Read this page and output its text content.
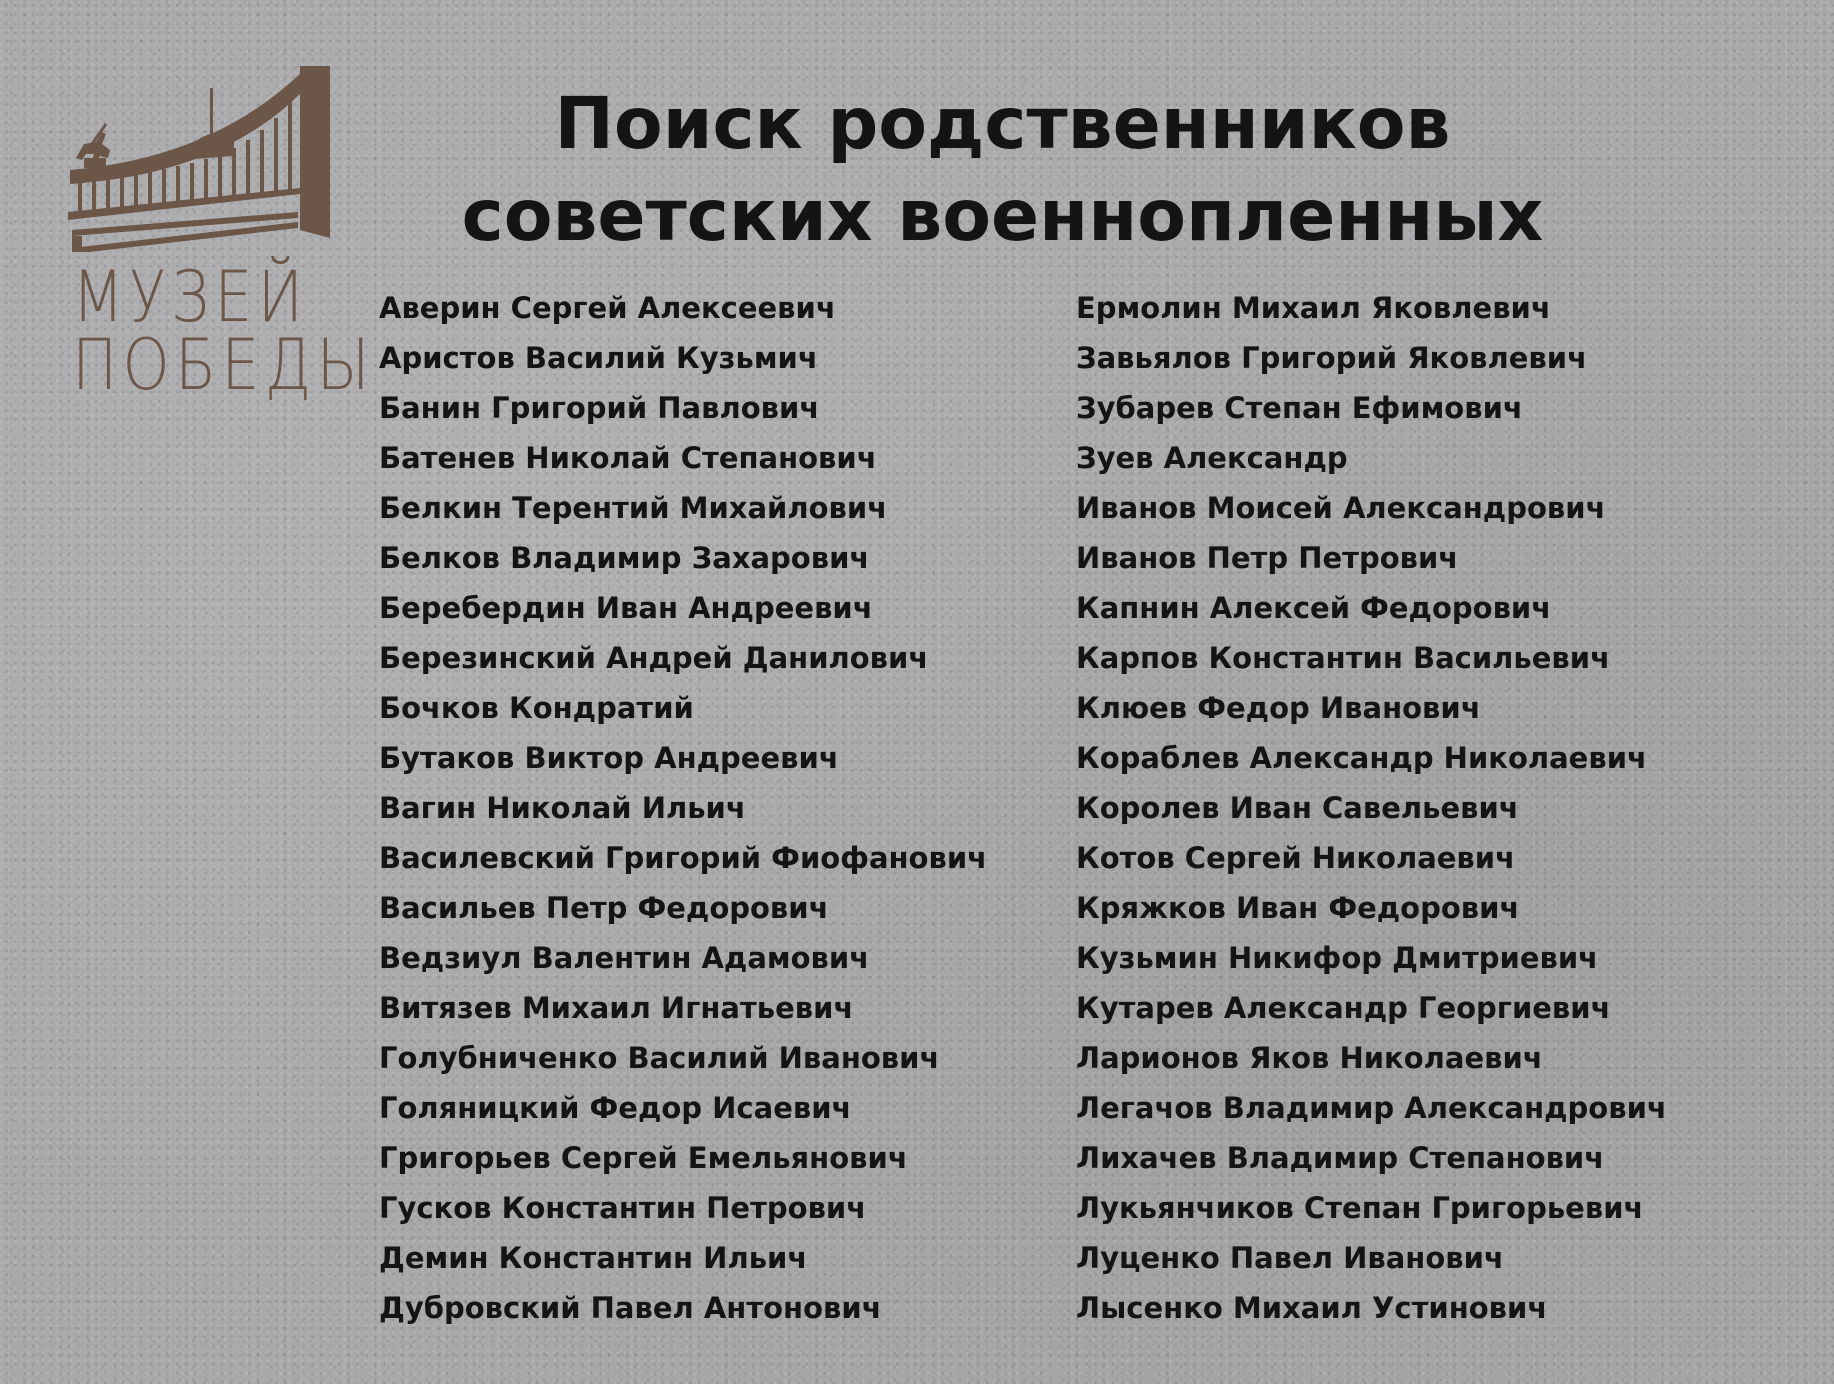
МУЗЕЙ
ПОБЕДЫ
Поиск родственников
советских военнопленных
Аверин Сергей Алексеевич
Аристов Василий Кузьмич
Банин Григорий Павлович
Батенев Николай Степанович
Белкин Терентий Михайлович
Белков Владимир Захарович
Беребердин Иван Андреевич
Березинский Андрей Данилович
Бочков Кондратий
Бутаков Виктор Андреевич
Вагин Николай Ильич
Василевский Григорий Фиофанович
Васильев Петр Федорович
Ведзиул Валентин Адамович
Витязев Михаил Игнатьевич
Голубниченко Василий Иванович
Голяницкий Федор Исаевич
Григорьев Сергей Емельянович
Гусков Константин Петрович
Демин Константин Ильич
Дубровский Павел Антонович
Ермолин Михаил Яковлевич
Завьялов Григорий Яковлевич
Зубарев Степан Ефимович
Зуев Александр
Иванов Моисей Александрович
Иванов Петр Петрович
Капнин Алексей Федорович
Карпов Константин Васильевич
Клюев Федор Иванович
Кораблев Александр Николаевич
Королев Иван Савельевич
Котов Сергей Николаевич
Кряжков Иван Федорович
Кузьмин Никифор Дмитриевич
Кутарев Александр Георгиевич
Ларионов Яков Николаевич
Легачов Владимир Александрович
Лихачев Владимир Степанович
Лукьянчиков Степан Григорьевич
Луценко Павел Иванович
Лысенко Михаил Устинович
